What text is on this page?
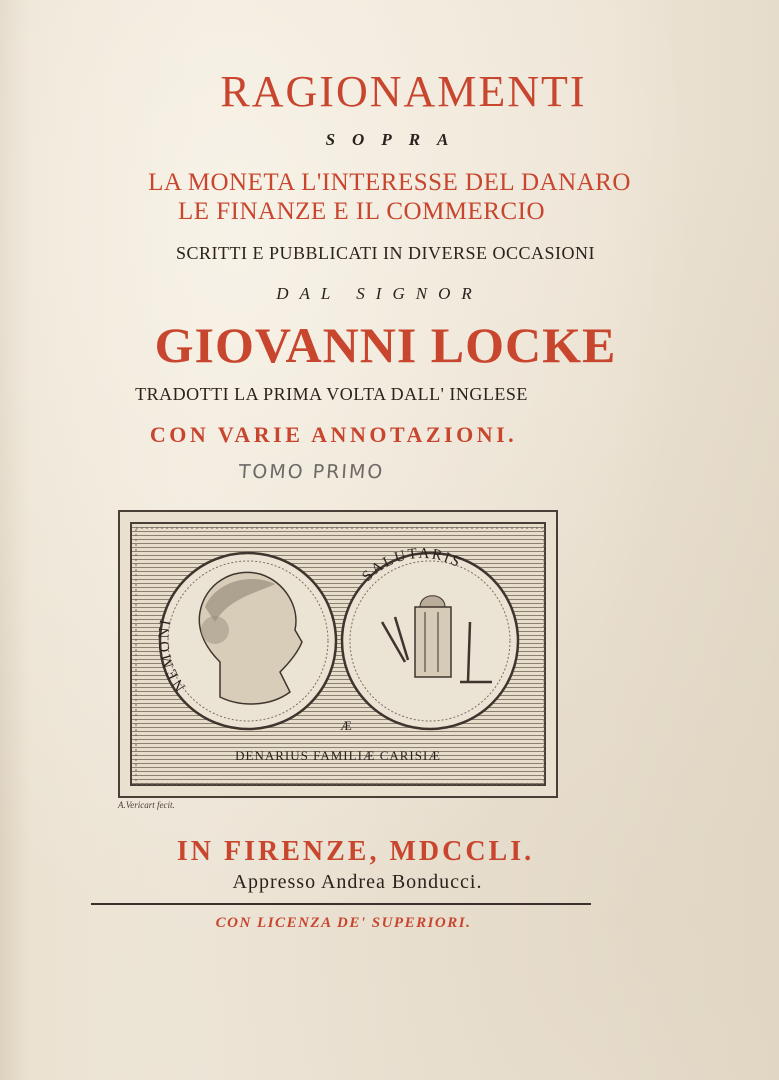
RAGIONAMENTI
SOPRA
LA MONETA L'INTERESSE DEL DANARO
LE FINANZE E IL COMMERCIO
SCRITTI E PUBBLICATI IN DIVERSE OCCASIONI
DAL SIGNOR
GIOVANNI LOCKE
TRADOTTI LA PRIMA VOLTA DALL' INGLESE
CON VARIE ANNOTAZIONI.
TOMO PRIMO
NEMONI
SALUTARIS
Æ
DENARIUS FAMILIÆ CARISIÆ
A.Vericart fecit.
IN FIRENZE, MDCCLI.
Appresso Andrea Bonducci.
CON LICENZA DE' SUPERIORI.
